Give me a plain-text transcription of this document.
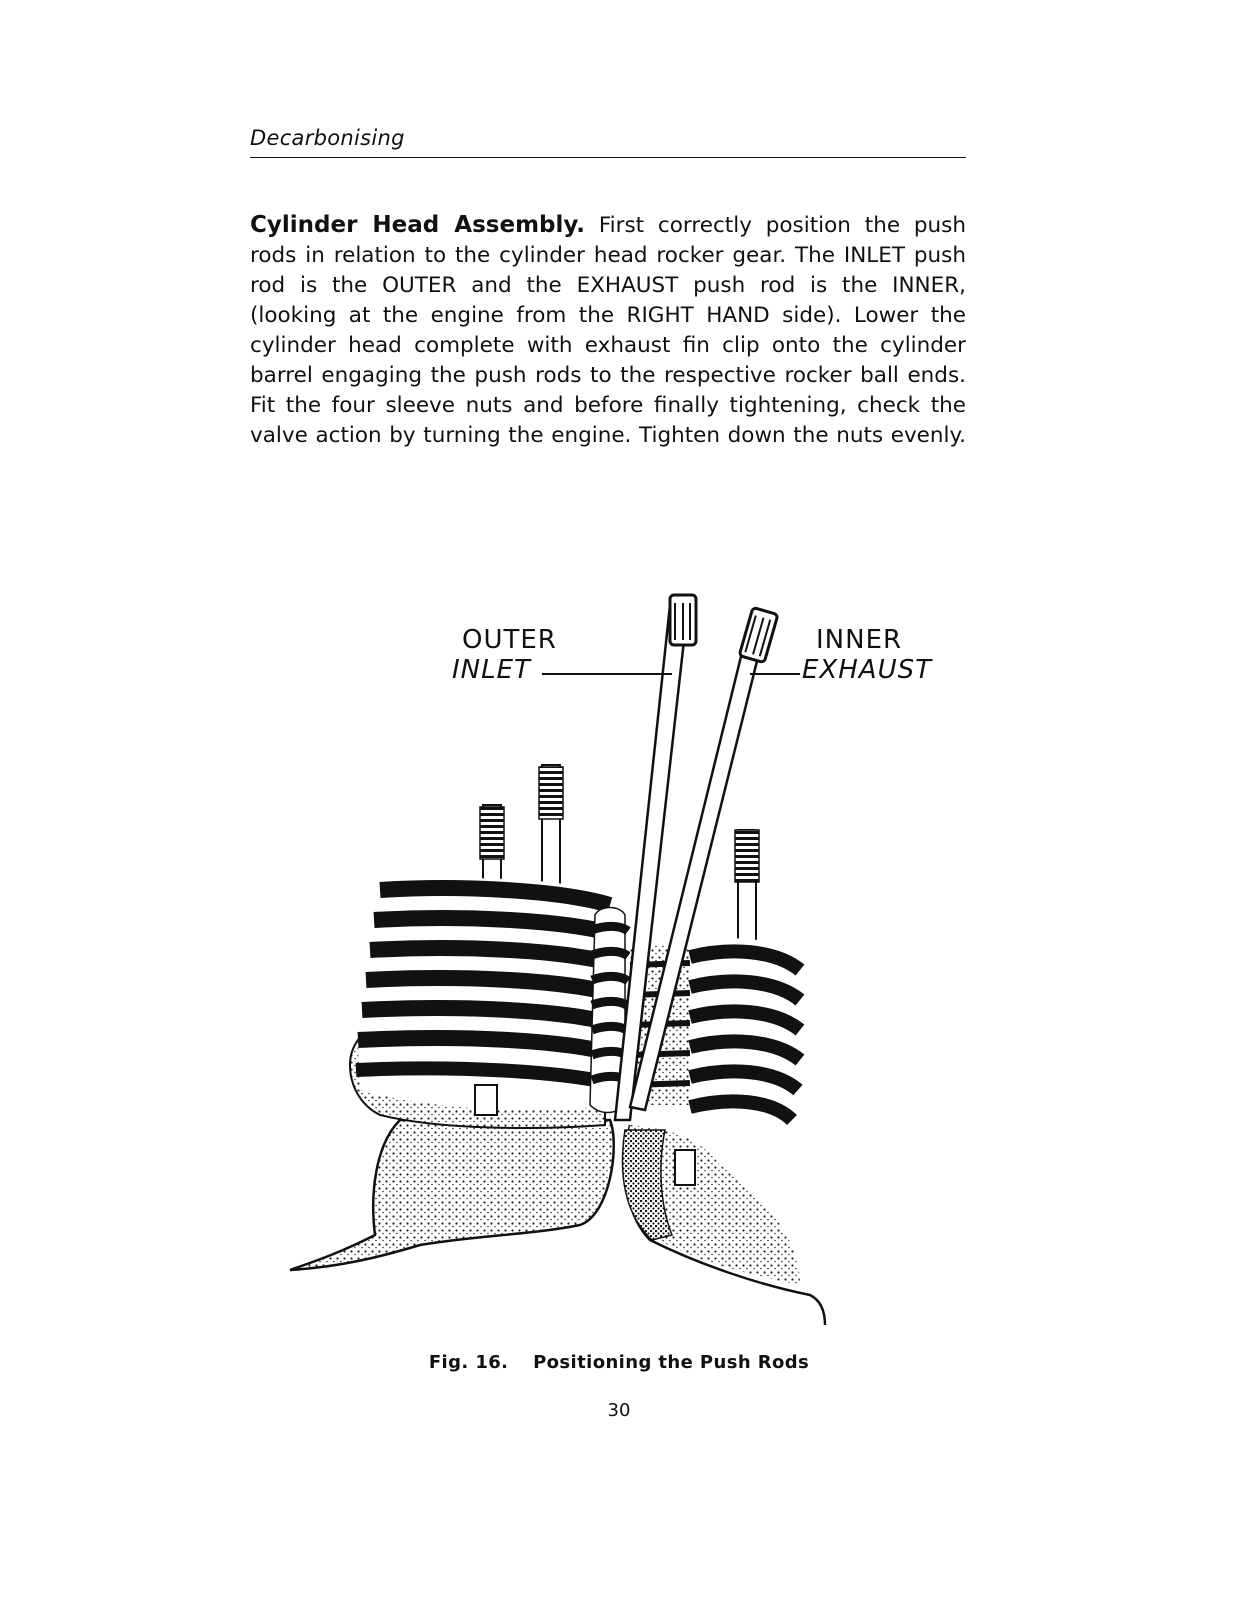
Decarbonising

Cylinder Head Assembly. First correctly position the push rods in relation to the cylinder head rocker gear. The INLET push rod is the OUTER and the EXHAUST push rod is the INNER, (looking at the engine from the RIGHT HAND side). Lower the cylinder head complete with exhaust fin clip onto the cylinder barrel engaging the push rods to the respective rocker ball ends. Fit the four sleeve nuts and before finally tightening, check the valve action by turning the engine. Tighten down the nuts evenly.

OUTER
INLET
INNER
EXHAUST
Fig. 16. Positioning the Push Rods
30
